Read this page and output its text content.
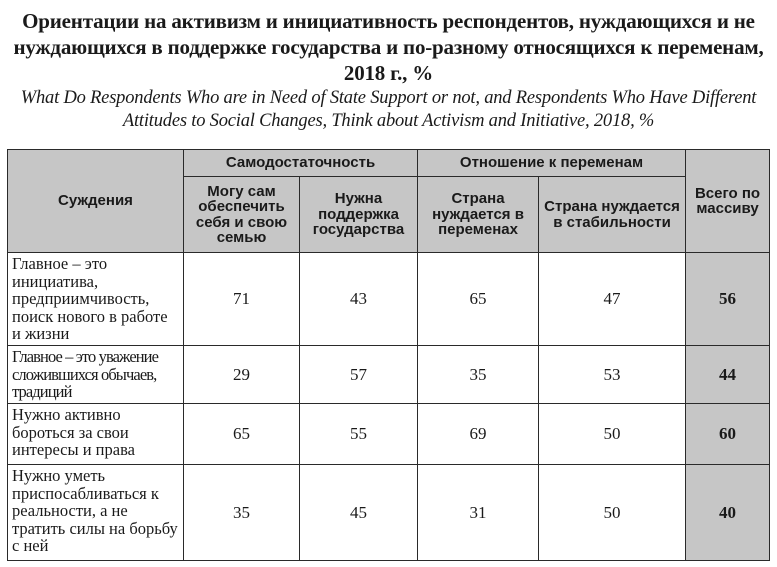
Ориентации на активизм и инициативность респондентов, нуждающихся и не нуждающихся в поддержке государства и по-разному относящихся к переменам, 2018 г., %
What Do Respondents Who are in Need of State Support or not, and Respondents Who Have Different Attitudes to Social Changes, Think about Activism and Initiative, 2018, %
Суждения	Самодостаточность		Отношение к переменам		Всего по массиву
	Могу сам обеспечить себя и свою семью	Нужна поддержка государства	Страна нуждается в переменах	Страна нуждается в стабильности	
Главное – это инициатива, предприимчивость, поиск нового в работе и жизни	71	43	65	47	56
Главное – это уважение сложившихся обычаев, традиций	29	57	35	53	44
Нужно активно бороться за свои интересы и права	65	55	69	50	60
Нужно уметь приспосабливаться к реальности, а не тратить силы на борьбу с ней	35	45	31	50	40
